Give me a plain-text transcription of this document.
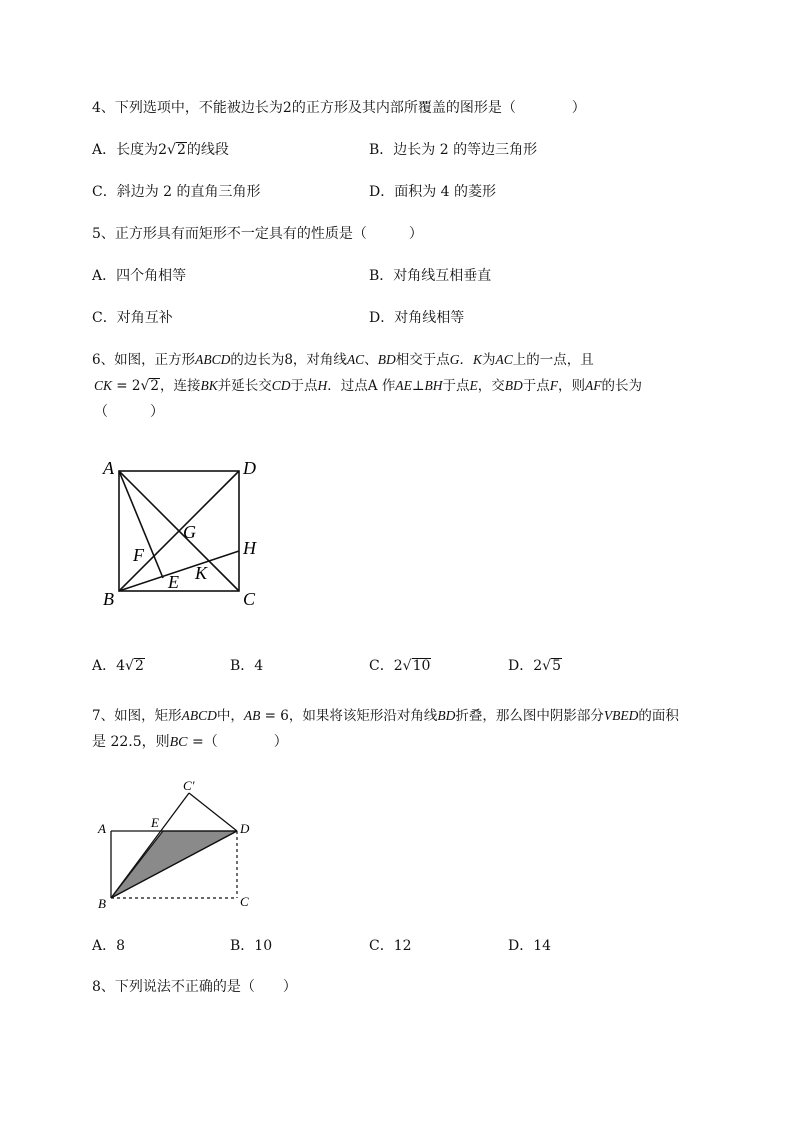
4、下列选项中，不能被边长为2的正方形及其内部所覆盖的图形是（　　　　）
A．长度为2√2的线段	B．边长为 2 的等边三角形
C．斜边为 2 的直角三角形	D．面积为 4 的菱形
5、正方形具有而矩形不一定具有的性质是（　　　）
A．四个角相等	B．对角线互相垂直
C．对角互补	D．对角线相等
6、如图，正方形ABCD的边长为8，对角线AC、BD相交于点G．K为AC上的一点，且
CK = 2√2，连接BK并延长交CD于点H．过点A 作AE⊥BH于点E，交BD于点F，则AF的长为
（　　　）
A	D
B	C
G
F
E K
H
A．4√2	B．4	C．2√10	D．2√5
7、如图，矩形ABCD中，AB = 6，如果将该矩形沿对角线BD折叠，那么图中阴影部分VBED的面积
是 22.5，则BC =（　　　　）
C′
A	E	D
B	C
A．8	B．10	C．12	D．14
8、下列说法不正确的是（　　）
